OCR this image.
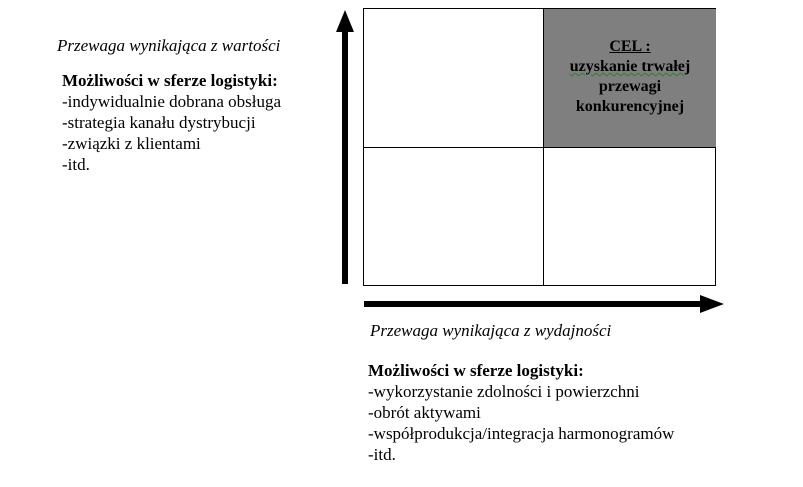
Przewaga wynikająca z wartości
Możliwości w sferze logistyki:
-indywidualnie dobrana obsługa
-strategia kanału dystrybucji
-związki z klientami
-itd.
CEL :
uzyskanie trwałej
przewagi
konkurencyjnej
Przewaga wynikająca z wydajności
Możliwości w sferze logistyki:
-wykorzystanie zdolności i powierzchni
-obrót aktywami
-współprodukcja/integracja harmonogramów
-itd.
